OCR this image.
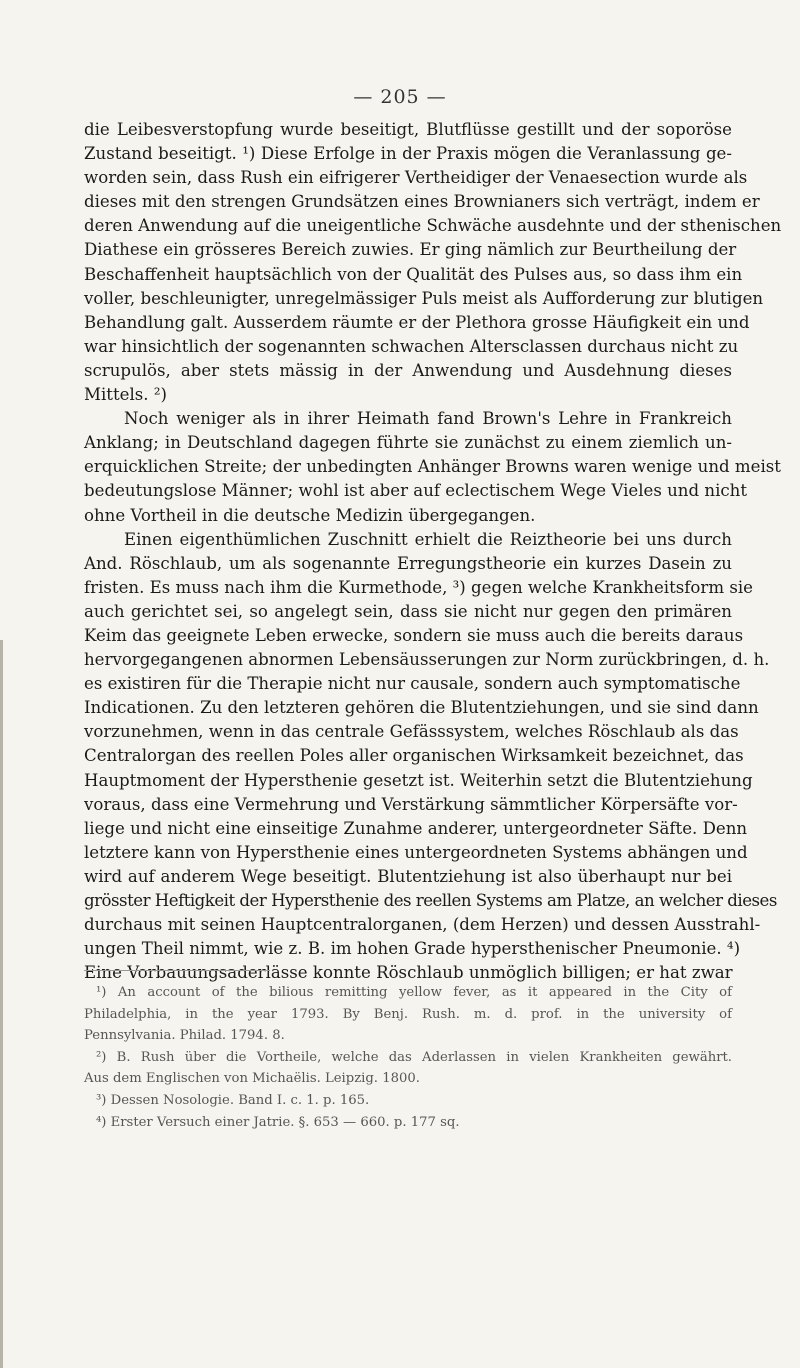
— 205 —
die Leibesverstopfung wurde beseitigt, Blutflüsse gestillt und der soporöse
Zustand beseitigt. ¹) Diese Erfolge in der Praxis mögen die Veranlassung ge-
worden sein, dass Rush ein eifrigerer Vertheidiger der Venaesection wurde als
dieses mit den strengen Grundsätzen eines Brownianers sich verträgt, indem er
deren Anwendung auf die uneigentliche Schwäche ausdehnte und der sthenischen
Diathese ein grösseres Bereich zuwies. Er ging nämlich zur Beurtheilung der
Beschaffenheit hauptsächlich von der Qualität des Pulses aus, so dass ihm ein
voller, beschleunigter, unregelmässiger Puls meist als Aufforderung zur blutigen
Behandlung galt. Ausserdem räumte er der Plethora grosse Häufigkeit ein und
war hinsichtlich der sogenannten schwachen Altersclassen durchaus nicht zu
scrupulös, aber stets mässig in der Anwendung und Ausdehnung dieses
Mittels. ²)
Noch weniger als in ihrer Heimath fand Brown's Lehre in Frankreich
Anklang; in Deutschland dagegen führte sie zunächst zu einem ziemlich un-
erquicklichen Streite; der unbedingten Anhänger Browns waren wenige und meist
bedeutungslose Männer; wohl ist aber auf eclectischem Wege Vieles und nicht
ohne Vortheil in die deutsche Medizin übergegangen.
Einen eigenthümlichen Zuschnitt erhielt die Reiztheorie bei uns durch
And. Röschlaub, um als sogenannte Erregungstheorie ein kurzes Dasein zu
fristen. Es muss nach ihm die Kurmethode, ³) gegen welche Krankheitsform sie
auch gerichtet sei, so angelegt sein, dass sie nicht nur gegen den primären
Keim das geeignete Leben erwecke, sondern sie muss auch die bereits daraus
hervorgegangenen abnormen Lebensäusserungen zur Norm zurückbringen, d. h.
es existiren für die Therapie nicht nur causale, sondern auch symptomatische
Indicationen. Zu den letzteren gehören die Blutentziehungen, und sie sind dann
vorzunehmen, wenn in das centrale Gefässsystem, welches Röschlaub als das
Centralorgan des reellen Poles aller organischen Wirksamkeit bezeichnet, das
Hauptmoment der Hypersthenie gesetzt ist. Weiterhin setzt die Blutentziehung
voraus, dass eine Vermehrung und Verstärkung sämmtlicher Körpersäfte vor-
liege und nicht eine einseitige Zunahme anderer, untergeordneter Säfte. Denn
letztere kann von Hypersthenie eines untergeordneten Systems abhängen und
wird auf anderem Wege beseitigt. Blutentziehung ist also überhaupt nur bei
grösster Heftigkeit der Hypersthenie des reellen Systems am Platze, an welcher dieses
durchaus mit seinen Hauptcentralorganen, (dem Herzen) und dessen Ausstrahl-
ungen Theil nimmt, wie z. B. im hohen Grade hypersthenischer Pneumonie. ⁴)
Eine Vorbauungsaderlässe konnte Röschlaub unmöglich billigen; er hat zwar
¹) An account of the bilious remitting yellow fever, as it appeared in the City of
Philadelphia, in the year 1793. By Benj. Rush. m. d. prof. in the university of
Pennsylvania. Philad. 1794. 8.
²) B. Rush über die Vortheile, welche das Aderlassen in vielen Krankheiten gewährt.
Aus dem Englischen von Michaëlis. Leipzig. 1800.
³) Dessen Nosologie. Band I. c. 1. p. 165.
⁴) Erster Versuch einer Jatrie. §. 653 — 660. p. 177 sq.
